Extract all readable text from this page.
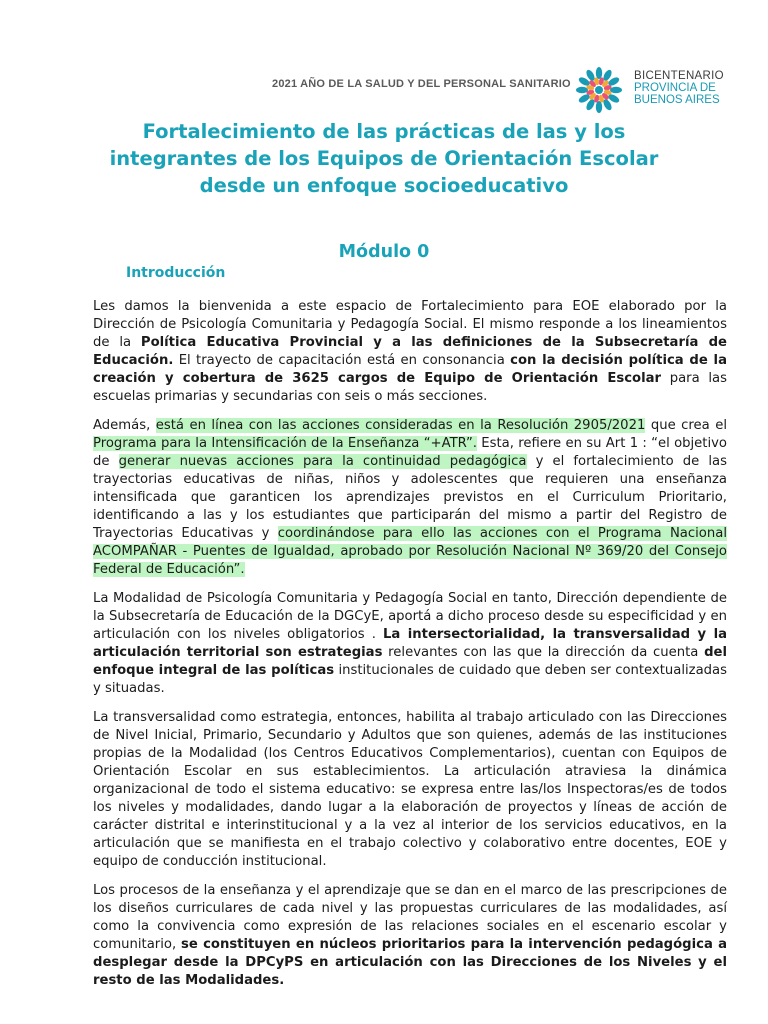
2021 AÑO DE LA SALUD Y DEL PERSONAL SANITARIO
BICENTENARIO
PROVINCIA DE
BUENOS AIRES
Fortalecimiento de las prácticas de las y los
integrantes de los Equipos de Orientación Escolar
desde un enfoque socioeducativo
Módulo 0
Introducción

Les damos la bienvenida a este espacio de Fortalecimiento para EOE elaborado por la Dirección de Psicología Comunitaria y Pedagogía Social. El mismo responde a los lineamientos de la Política Educativa Provincial y a las definiciones de la Subsecretaría de Educación. El trayecto de capacitación está en consonancia con la decisión política de la creación y cobertura de 3625 cargos de Equipo de Orientación Escolar para las escuelas primarias y secundarias con seis o más secciones.

Además, está en línea con las acciones consideradas en la Resolución 2905/2021 que crea el Programa para la Intensificación de la Enseñanza “+ATR”. Esta, refiere en su Art 1 : “el objetivo de generar nuevas acciones para la continuidad pedagógica y el fortalecimiento de las trayectorias educativas de niñas, niños y adolescentes que requieren una enseñanza intensificada que garanticen los aprendizajes previstos en el Curriculum Prioritario, identificando a las y los estudiantes que participarán del mismo a partir del Registro de Trayectorias Educativas y coordinándose para ello las acciones con el Programa Nacional ACOMPAÑAR - Puentes de Igualdad, aprobado por Resolución Nacional Nº 369/20 del Consejo Federal de Educación”.

La Modalidad de Psicología Comunitaria y Pedagogía Social en tanto, Dirección dependiente de la Subsecretaría de Educación de la DGCyE, aportá a dicho proceso desde su especificidad y en articulación con los niveles obligatorios . La intersectorialidad, la transversalidad y la articulación territorial son estrategias relevantes con las que la dirección da cuenta del enfoque integral de las políticas institucionales de cuidado que deben ser contextualizadas y situadas.

La transversalidad como estrategia, entonces, habilita al trabajo articulado con las Direcciones de Nivel Inicial, Primario, Secundario y Adultos que son quienes, además de las instituciones propias de la Modalidad (los Centros Educativos Complementarios), cuentan con Equipos de Orientación Escolar en sus establecimientos. La articulación atraviesa la dinámica organizacional de todo el sistema educativo: se expresa entre las/los Inspectoras/es de todos los niveles y modalidades, dando lugar a la elaboración de proyectos y líneas de acción de carácter distrital e interinstitucional y a la vez al interior de los servicios educativos, en la articulación que se manifiesta en el trabajo colectivo y colaborativo entre docentes, EOE y equipo de conducción institucional.

Los procesos de la enseñanza y el aprendizaje que se dan en el marco de las prescripciones de los diseños curriculares de cada nivel y las propuestas curriculares de las modalidades, así como la convivencia como expresión de las relaciones sociales en el escenario escolar y comunitario, se constituyen en núcleos prioritarios para la intervención pedagógica a desplegar desde la DPCyPS en articulación con las Direcciones de los Niveles y el resto de las Modalidades.
